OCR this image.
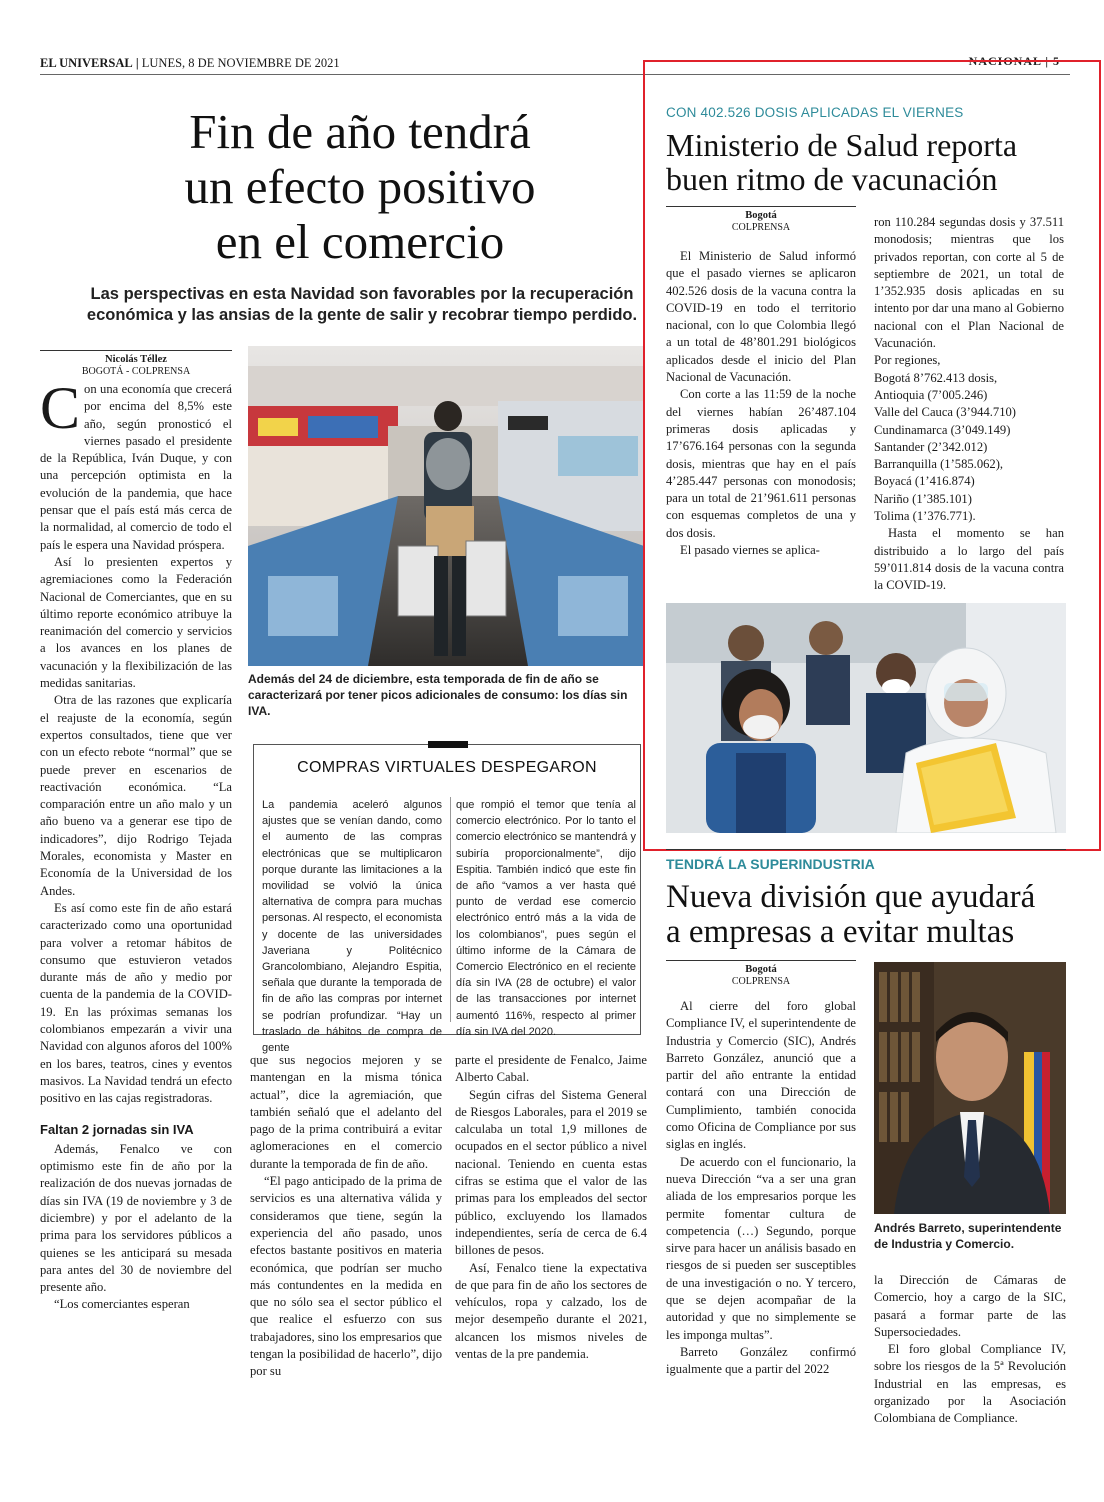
EL UNIVERSAL | LUNES, 8 DE NOVIEMBRE DE 2021	NACIONAL | 5
Fin de año tendrá
un efecto positivo
en el comercio
Las perspectivas en esta Navidad son favorables por la recuperación económica y las ansias de la gente de salir y recobrar tiempo perdido.
Nicolás Téllez
BOGOTÁ - COLPRENSA

Con una economía que crecerá por encima del 8,5% este año, según pronosticó el viernes pasado el presidente de la República, Iván Duque, y con una percepción optimista en la evolución de la pandemia, que hace pensar que el país está más cerca de la normalidad, al comercio de todo el país le espera una Navidad próspera.

Así lo presienten expertos y agremiaciones como la Federación Nacional de Comerciantes, que en su último reporte económico atribuye la reanimación del comercio y servicios a los avances en los planes de vacunación y la flexibilización de las medidas sanitarias.

Otra de las razones que explicaría el reajuste de la economía, según expertos consultados, tiene que ver con un efecto rebote “normal” que se puede prever en escenarios de reactivación económica. “La comparación entre un año malo y un año bueno va a generar ese tipo de indicadores”, dijo Rodrigo Tejada Morales, economista y Master en Economía de la Universidad de los Andes.

Es así como este fin de año estará caracterizado como una oportunidad para volver a retomar hábitos de consumo que estuvieron vetados durante más de año y medio por cuenta de la pandemia de la COVID-19. En las próximas semanas los colombianos empezarán a vivir una Navidad con algunos aforos del 100% en los bares, teatros, cines y eventos masivos. La Navidad tendrá un efecto positivo en las cajas registradoras.

Faltan 2 jornadas sin IVA

Además, Fenalco ve con optimismo este fin de año por la realización de dos nuevas jornadas de días sin IVA (19 de noviembre y 3 de diciembre) y por el adelanto de la prima para los servidores públicos a quienes se les anticipará su mesada para antes del 30 de noviembre del presente año.

“Los comerciantes esperan

Además del 24 de diciembre, esta temporada de fin de año se caracterizará por tener picos adicionales de consumo: los días sin IVA.
COMPRAS VIRTUALES DESPEGARON
La pandemia aceleró algunos ajustes que se venían dando, como el aumento de las compras electrónicas que se multiplicaron porque durante las limitaciones a la movilidad se volvió la única alternativa de compra para muchas personas. Al respecto, el economista y docente de las universidades Javeriana y Politécnico Grancolombiano, Alejandro Espitia, señala que durante la temporada de fin de año las compras por internet se podrían profundizar. “Hay un traslado de hábitos de compra de gente
que rompió el temor que tenía al comercio electrónico. Por lo tanto el comercio electrónico se mantendrá y subiría proporcionalmente”, dijo Espitia. También indicó que este fin de año “vamos a ver hasta qué punto de verdad ese comercio electrónico entró más a la vida de los colombianos”, pues según el último informe de la Cámara de Comercio Electrónico en el reciente día sin IVA (28 de octubre) el valor de las transacciones por internet aumentó 116%, respecto al primer día sin IVA del 2020.

que sus negocios mejoren y se mantengan en la misma tónica actual”, dice la agremiación, que también señaló que el adelanto del pago de la prima contribuirá a evitar aglomeraciones en el comercio durante la temporada de fin de año.

“El pago anticipado de la prima de servicios es una alternativa válida y consideramos que tiene, según la experiencia del año pasado, unos efectos bastante positivos en materia económica, que podrían ser mucho más contundentes en la medida en que no sólo sea el sector público el que realice el esfuerzo con sus trabajadores, sino los empresarios que tengan la posibilidad de hacerlo”, dijo por su

parte el presidente de Fenalco, Jaime Alberto Cabal.

Según cifras del Sistema General de Riesgos Laborales, para el 2019 se calculaba un total 1,9 millones de ocupados en el sector público a nivel nacional. Teniendo en cuenta estas cifras se estima que el valor de las primas para los empleados del sector público, excluyendo los llamados independientes, sería de cerca de 6.4 billones de pesos.

Así, Fenalco tiene la expectativa de que para fin de año los sectores de vehículos, ropa y calzado, los de mejor desempeño durante el 2021, alcancen los mismos niveles de ventas de la pre pandemia.

CON 402.526 DOSIS APLICADAS EL VIERNES
Ministerio de Salud reporta
buen ritmo de vacunación
Bogotá
COLPRENSA

El Ministerio de Salud informó que el pasado viernes se aplicaron 402.526 dosis de la vacuna contra la COVID-19 en todo el territorio nacional, con lo que Colombia llegó a un total de 48’801.291 biológicos aplicados desde el inicio del Plan Nacional de Vacunación.

Con corte a las 11:59 de la noche del viernes habían 26’487.104 primeras dosis aplicadas y 17’676.164 personas con la segunda dosis, mientras que hay en el país 4’285.447 personas con monodosis; para un total de 21’961.611 personas con esquemas completos de una y dos dosis.

El pasado viernes se aplica-

ron 110.284 segundas dosis y 37.511 monodosis; mientras que los privados reportan, con corte al 5 de septiembre de 2021, un total de 1’352.935 dosis aplicadas en su intento por dar una mano al Gobierno nacional con el Plan Nacional de Vacunación.

Por regiones,
Bogotá 8’762.413 dosis,
Antioquia (7’005.246)
Valle del Cauca (3’944.710)
Cundinamarca (3’049.149)
Santander (2’342.012)
Barranquilla (1’585.062),
Boyacá (1’416.874)
Nariño (1’385.101)
Tolima (1’376.771).

Hasta el momento se han distribuido a lo largo del país 59’011.814 dosis de la vacuna contra la COVID-19.

TENDRÁ LA SUPERINDUSTRIA
Nueva división que ayudará
a empresas a evitar multas
Bogotá
COLPRENSA

Al cierre del foro global Compliance IV, el superintendente de Industria y Comercio (SIC), Andrés Barreto González, anunció que a partir del año entrante la entidad contará con una Dirección de Cumplimiento, también conocida como Oficina de Compliance por sus siglas en inglés.

De acuerdo con el funcionario, la nueva Dirección “va a ser una gran aliada de los empresarios porque les permite fomentar cultura de competencia (…) Segundo, porque sirve para hacer un análisis basado en riesgos de si pueden ser susceptibles de una investigación o no. Y tercero, que se dejen acompañar de la autoridad y que no simplemente se les imponga multas”.

Barreto González confirmó igualmente que a partir del 2022

Andrés Barreto, superintendente de Industria y Comercio.

la Dirección de Cámaras de Comercio, hoy a cargo de la SIC, pasará a formar parte de las Supersociedades.

El foro global Compliance IV, sobre los riesgos de la 5ª Revolución Industrial en las empresas, es organizado por la Asociación Colombiana de Compliance.
